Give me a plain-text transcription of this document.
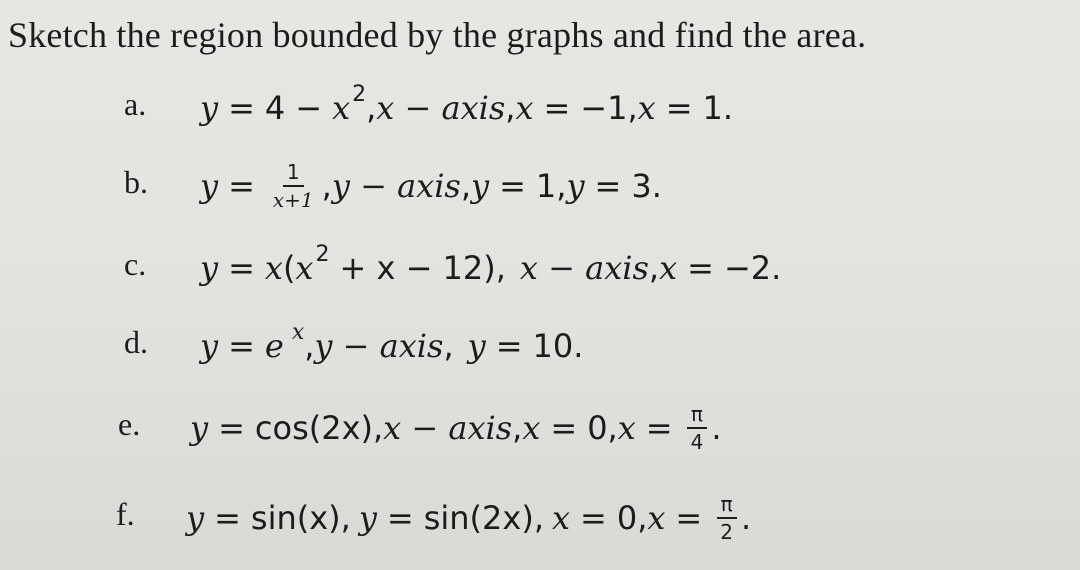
Sketch the region bounded by the graphs and find the area.
a. y = 4 − x 2 , x − axis , x = −1 , x = 1 .
b. $y = \frac{1}{x+1}$ , y − axis , y = 1 , y = 3 .
c. y = x ( x 2 + x − 12) , x − axis , x = −2 .
d. y = e x , y − axis , y = 10 .
e. y = cos(2x) , x − axis , x = 0 , $x = \frac{\pi}{4}$ .
f. y = sin(x) , y = sin(2x) , x = 0 , $x = \frac{\pi}{2}$ .
